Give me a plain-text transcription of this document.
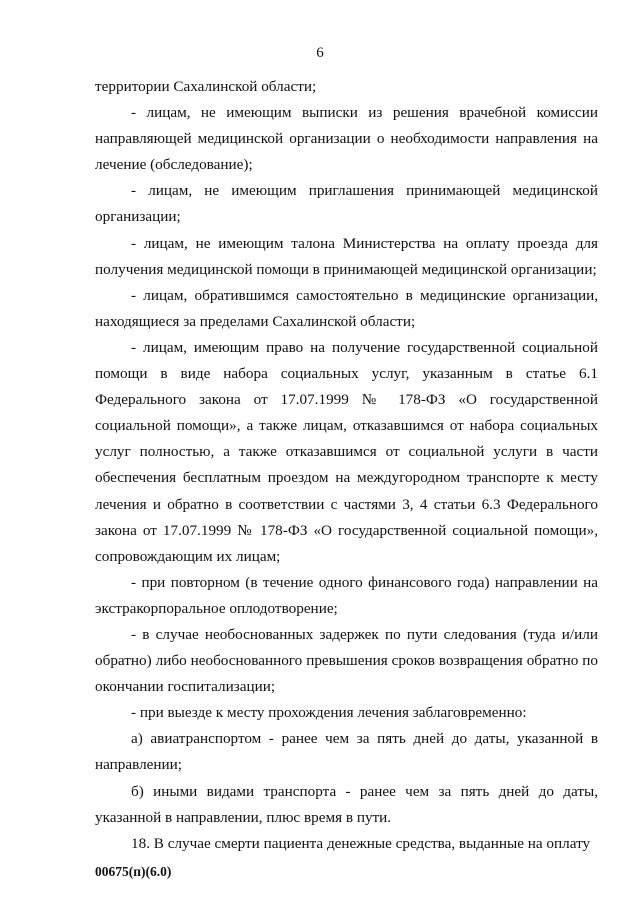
6

территории Сахалинской области;

- лицам, не имеющим выписки из решения врачебной комиссии направляющей медицинской организации о необходимости направления на лечение (обследование);

- лицам, не имеющим приглашения принимающей медицинской организации;

- лицам, не имеющим талона Министерства на оплату проезда для получения медицинской помощи в принимающей медицинской организации;

- лицам, обратившимся самостоятельно в медицинские организации, находящиеся за пределами Сахалинской области;

- лицам, имеющим право на получение государственной социальной помощи в виде набора социальных услуг, указанным в статье 6.1 Федерального закона от 17.07.1999 № 178-ФЗ «О государственной социальной помощи», а также лицам, отказавшимся от набора социальных услуг полностью, а также отказавшимся от социальной услуги в части обеспечения бесплатным проездом на междугородном транспорте к месту лечения и обратно в соответствии с частями 3, 4 статьи 6.3 Федерального закона от 17.07.1999 № 178-ФЗ «О государственной социальной помощи», сопровождающим их лицам;

- при повторном (в течение одного финансового года) направлении на экстракорпоральное оплодотворение;

- в случае необоснованных задержек по пути следования (туда и/или обратно) либо необоснованного превышения сроков возвращения обратно по окончании госпитализации;

- при выезде к месту прохождения лечения заблаговременно:

а) авиатранспортом - ранее чем за пять дней до даты, указанной в направлении;

б) иными видами транспорта - ранее чем за пять дней до даты, указанной в направлении, плюс время в пути.

18. В случае смерти пациента денежные средства, выданные на оплату

00675(п)(6.0)
